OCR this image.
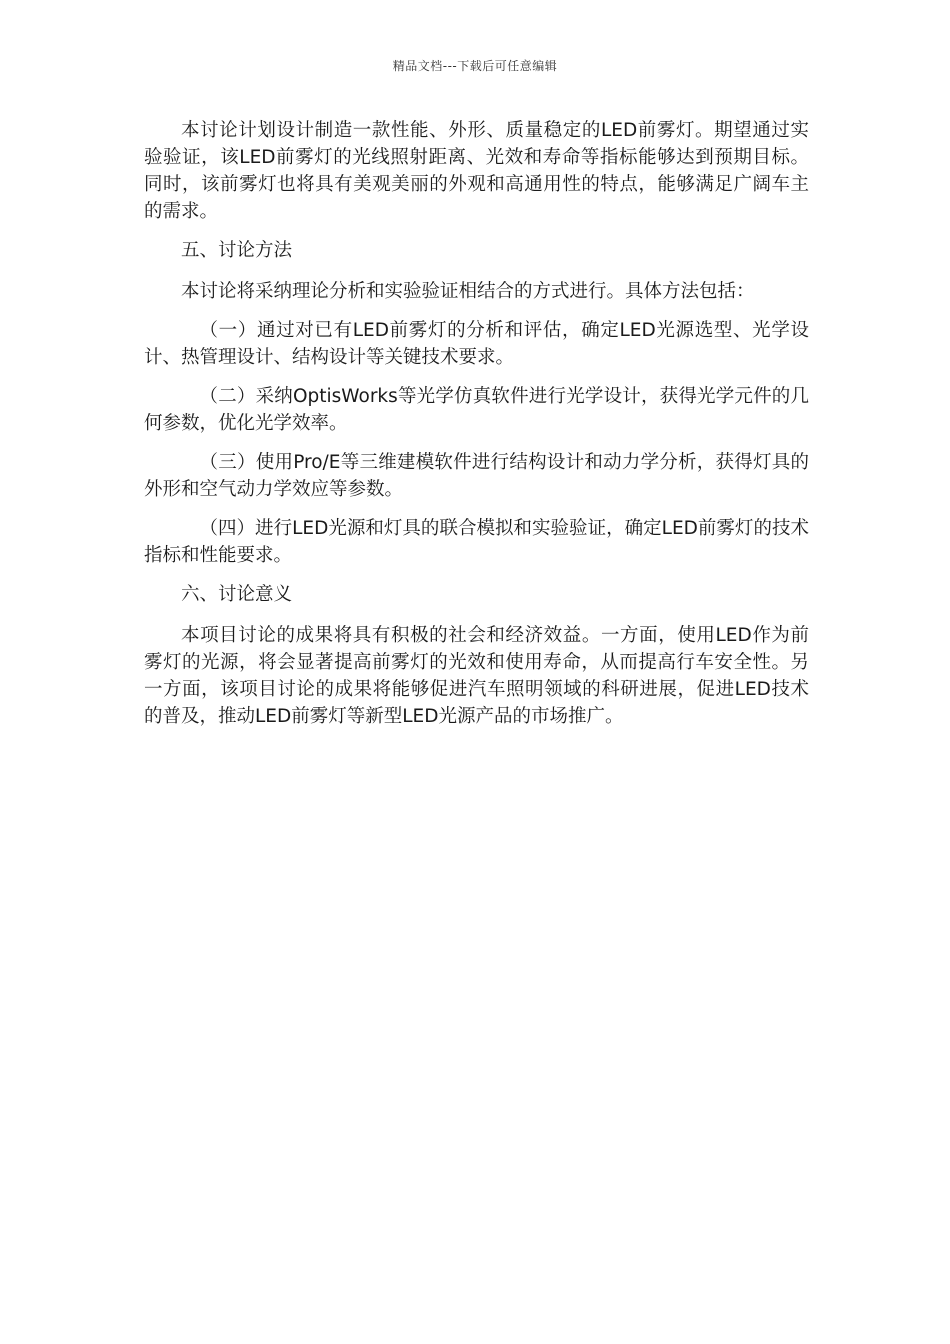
精品文档---下载后可任意编辑

本讨论计划设计制造一款性能、外形、质量稳定的LED前雾灯。期望通过实验验证，该LED前雾灯的光线照射距离、光效和寿命等指标能够达到预期目标。同时，该前雾灯也将具有美观美丽的外观和高通用性的特点，能够满足广阔车主的需求。

五、讨论方法

本讨论将采纳理论分析和实验验证相结合的方式进行。具体方法包括：

（一）通过对已有LED前雾灯的分析和评估，确定LED光源选型、光学设计、热管理设计、结构设计等关键技术要求。

（二）采纳OptisWorks等光学仿真软件进行光学设计，获得光学元件的几何参数，优化光学效率。

（三）使用Pro/E等三维建模软件进行结构设计和动力学分析，获得灯具的外形和空气动力学效应等参数。

（四）进行LED光源和灯具的联合模拟和实验验证，确定LED前雾灯的技术指标和性能要求。

六、讨论意义

本项目讨论的成果将具有积极的社会和经济效益。一方面，使用LED作为前雾灯的光源，将会显著提高前雾灯的光效和使用寿命，从而提高行车安全性。另一方面，该项目讨论的成果将能够促进汽车照明领域的科研进展，促进LED技术的普及，推动LED前雾灯等新型LED光源产品的市场推广。
